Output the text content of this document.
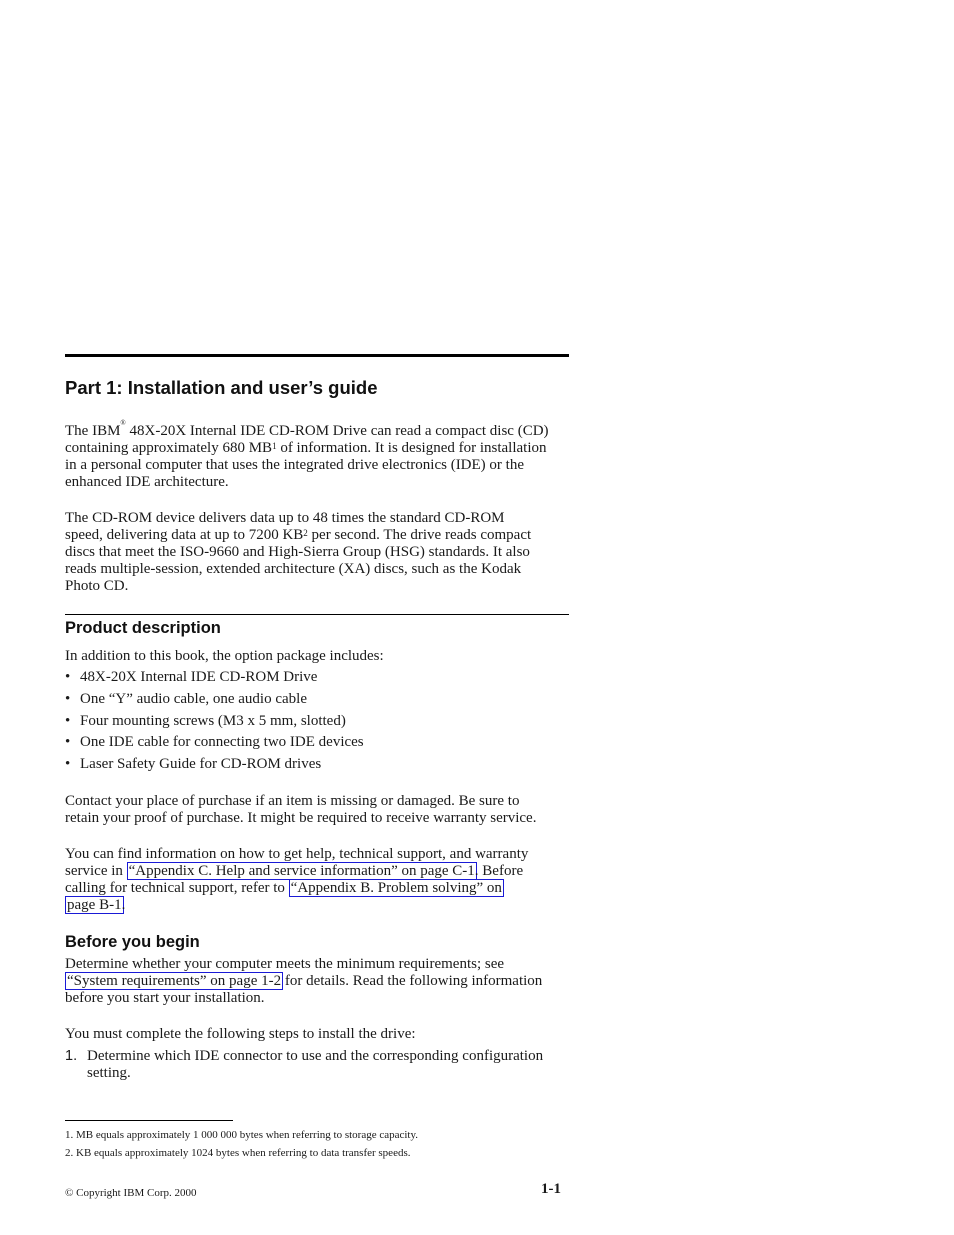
Part 1: Installation and user’s guide
The IBM® 48X-20X Internal IDE CD-ROM Drive can read a compact disc (CD)
containing approximately 680 $MB^1$ of information. It is designed for installation
in a personal computer that uses the integrated drive electronics (IDE) or the
enhanced IDE architecture.
The CD-ROM device delivers data up to 48 times the standard CD-ROM
speed, delivering data at up to 7200 $KB^2$ per second. The drive reads compact
discs that meet the ISO-9660 and High-Sierra Group (HSG) standards. It also
reads multiple-session, extended architecture (XA) discs, such as the Kodak
Photo CD.
Product description
In addition to this book, the option package includes:
• 48X-20X Internal IDE CD-ROM Drive
• One “Y” audio cable, one audio cable
• Four mounting screws (M3 x 5 mm, slotted)
• One IDE cable for connecting two IDE devices
• Laser Safety Guide for CD-ROM drives
Contact your place of purchase if an item is missing or damaged. Be sure to
retain your proof of purchase. It might be required to receive warranty service.
You can find information on how to get help, technical support, and warranty
service in “Appendix C. Help and service information” on page C-1. Before
calling for technical support, refer to “Appendix B. Problem solving” on
page B-1.
Before you begin
Determine whether your computer meets the minimum requirements; see
“System requirements” on page 1-2 for details. Read the following information
before you start your installation.
You must complete the following steps to install the drive:
1. Determine which IDE connector to use and the corresponding configuration
setting.
1. MB equals approximately 1 000 000 bytes when referring to storage capacity.
2. KB equals approximately 1024 bytes when referring to data transfer speeds.
© Copyright IBM Corp. 2000	1-1
